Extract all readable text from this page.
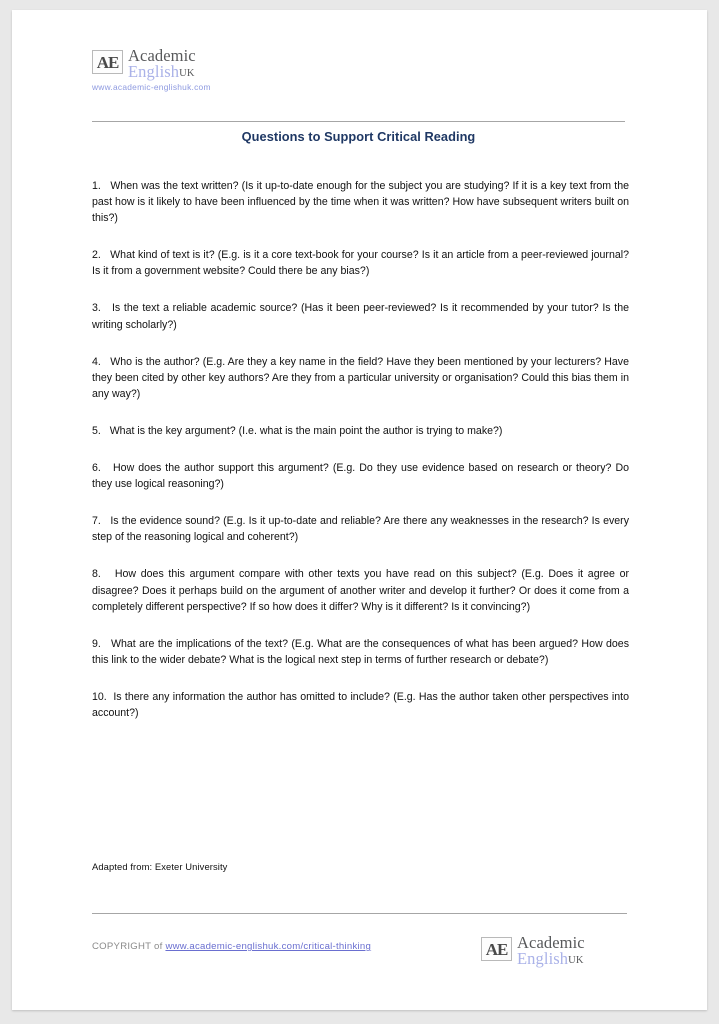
AE Academic
EnglishUK
www.academic-englishuk.com
Questions to Support Critical Reading

1. When was the text written? (Is it up-to-date enough for the subject you are studying? If it is a key text from the past how is it likely to have been influenced by the time when it was written? How have subsequent writers built on this?)

2. What kind of text is it? (E.g. is it a core text-book for your course? Is it an article from a peer-reviewed journal? Is it from a government website? Could there be any bias?)

3. Is the text a reliable academic source? (Has it been peer-reviewed? Is it recommended by your tutor? Is the writing scholarly?)

4. Who is the author? (E.g. Are they a key name in the field? Have they been mentioned by your lecturers? Have they been cited by other key authors? Are they from a particular university or organisation? Could this bias them in any way?)

5. What is the key argument? (I.e. what is the main point the author is trying to make?)

6. How does the author support this argument? (E.g. Do they use evidence based on research or theory? Do they use logical reasoning?)

7. Is the evidence sound? (E.g. Is it up-to-date and reliable? Are there any weaknesses in the research? Is every step of the reasoning logical and coherent?)

8. How does this argument compare with other texts you have read on this subject? (E.g. Does it agree or disagree? Does it perhaps build on the argument of another writer and develop it further? Or does it come from a completely different perspective? If so how does it differ? Why is it different? Is it convincing?)

9. What are the implications of the text? (E.g. What are the consequences of what has been argued? How does this link to the wider debate? What is the logical next step in terms of further research or debate?)

10. Is there any information the author has omitted to include? (E.g. Has the author taken other perspectives into account?)

Adapted from: Exeter University
COPYRIGHT of www.academic-englishuk.com/critical-thinking	AE Academic
EnglishUK
